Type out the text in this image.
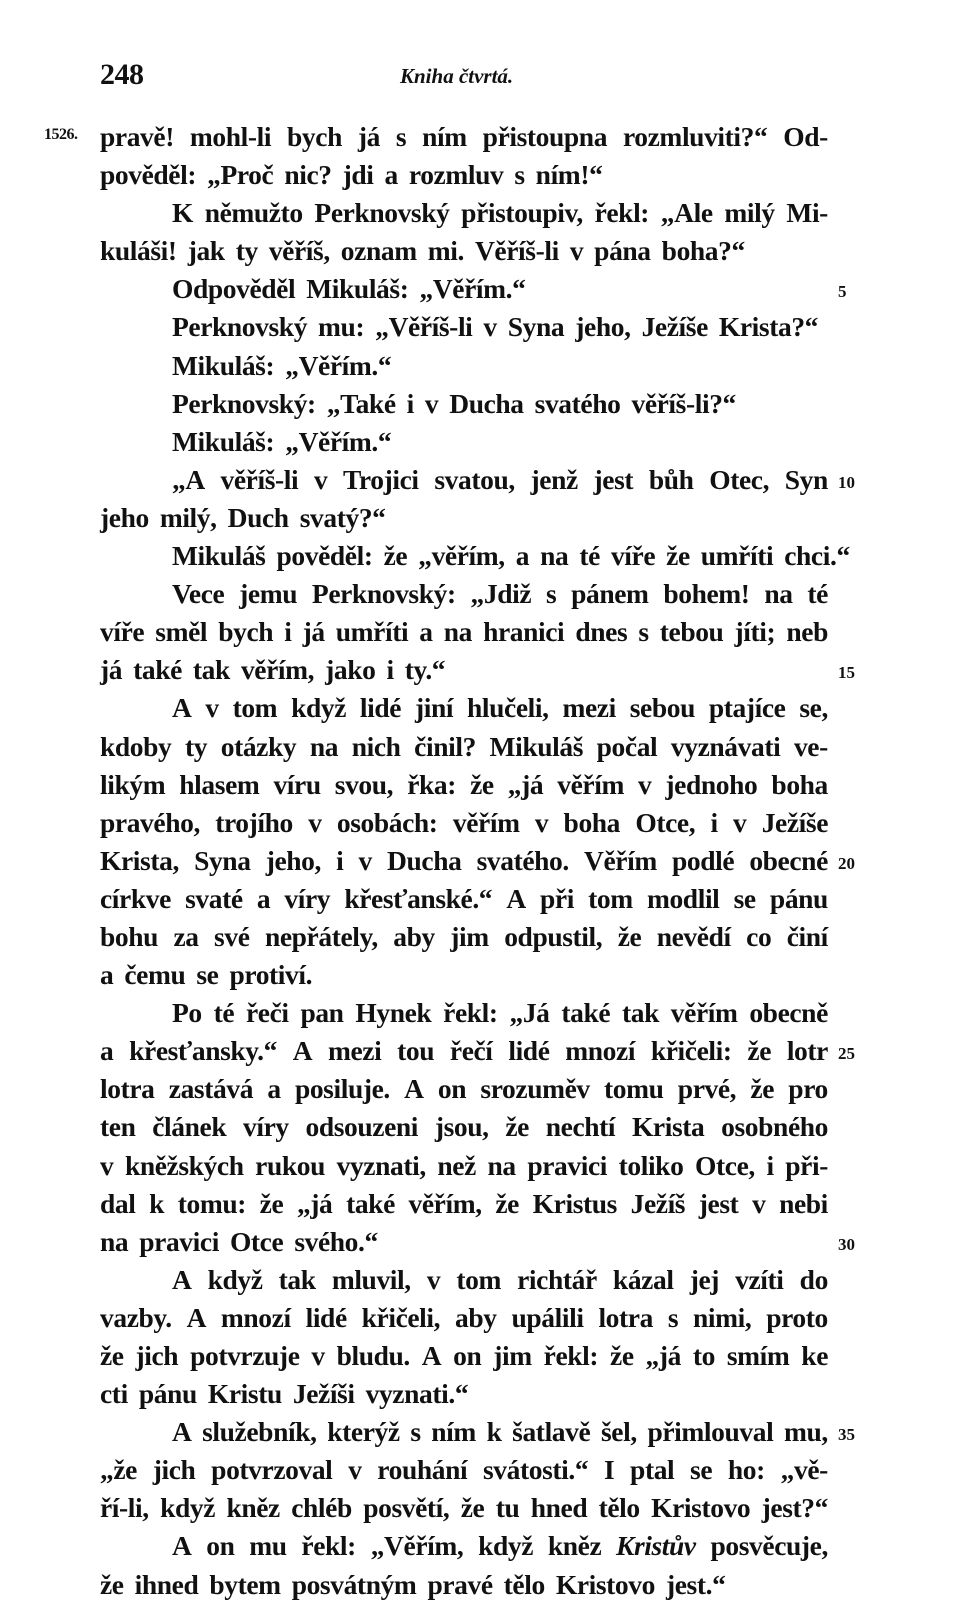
248	Kniha čtvrtá.
1526. pravě! mohl-li bych já s ním přistoupna rozmluviti?“ Od-
pověděl: „Proč nic? jdi a rozmluv s ním!“
K němužto Perknovský přistoupiv, řekl: „Ale milý Mi-
kuláši! jak ty věříš, oznam mi. Věříš-li v pána boha?“
Odpověděl Mikuláš: „Věřím.“
Perknovský mu: „Věříš-li v Syna jeho, Ježíše Krista?“
Mikuláš: „Věřím.“
Perknovský: „Také i v Ducha svatého věříš-li?“
Mikuláš: „Věřím.“
„A věříš-li v Trojici svatou, jenž jest bůh Otec, Syn
jeho milý, Duch svatý?“
Mikuláš pověděl: že „věřím, a na té víře že umříti chci.“
Vece jemu Perknovský: „Jdiž s pánem bohem! na té
víře směl bych i já umříti a na hranici dnes s tebou jíti; neb
já také tak věřím, jako i ty.“
A v tom když lidé jiní hlučeli, mezi sebou ptajíce se,
kdoby ty otázky na nich činil? Mikuláš počal vyznávati ve-
likým hlasem víru svou, řka: že „já věřím v jednoho boha
pravého, trojího v osobách: věřím v boha Otce, i v Ježíše
Krista, Syna jeho, i v Ducha svatého. Věřím podlé obecné
církve svaté a víry křesťanské.“ A při tom modlil se pánu
bohu za své nepřátely, aby jim odpustil, že nevědí co činí
a čemu se protiví.
Po té řeči pan Hynek řekl: „Já také tak věřím obecně
a křesťansky.“ A mezi tou řečí lidé mnozí křičeli: že lotr
lotra zastává a posiluje. A on srozuměv tomu prvé, že pro
ten článek víry odsouzeni jsou, že nechtí Krista osobného
v kněžských rukou vyznati, než na pravici toliko Otce, i při-
dal k tomu: že „já také věřím, že Kristus Ježíš jest v nebi
na pravici Otce svého.“
A když tak mluvil, v tom richtář kázal jej vzíti do
vazby. A mnozí lidé křičeli, aby upálili lotra s nimi, proto
že jich potvrzuje v bludu. A on jim řekl: že „já to smím ke
cti pánu Kristu Ježíši vyznati.“
A služebník, kterýž s ním k šatlavě šel, přimlouval mu,
„že jich potvrzoval v rouhání svátosti.“ I ptal se ho: „vě-
ří-li, když kněz chléb posvětí, že tu hned tělo Kristovo jest?“
A on mu řekl: „Věřím, když kněz Kristův posvěcuje,
že ihned bytem posvátným pravé tělo Kristovo jest.“
5
10
15
20
25
30
35
